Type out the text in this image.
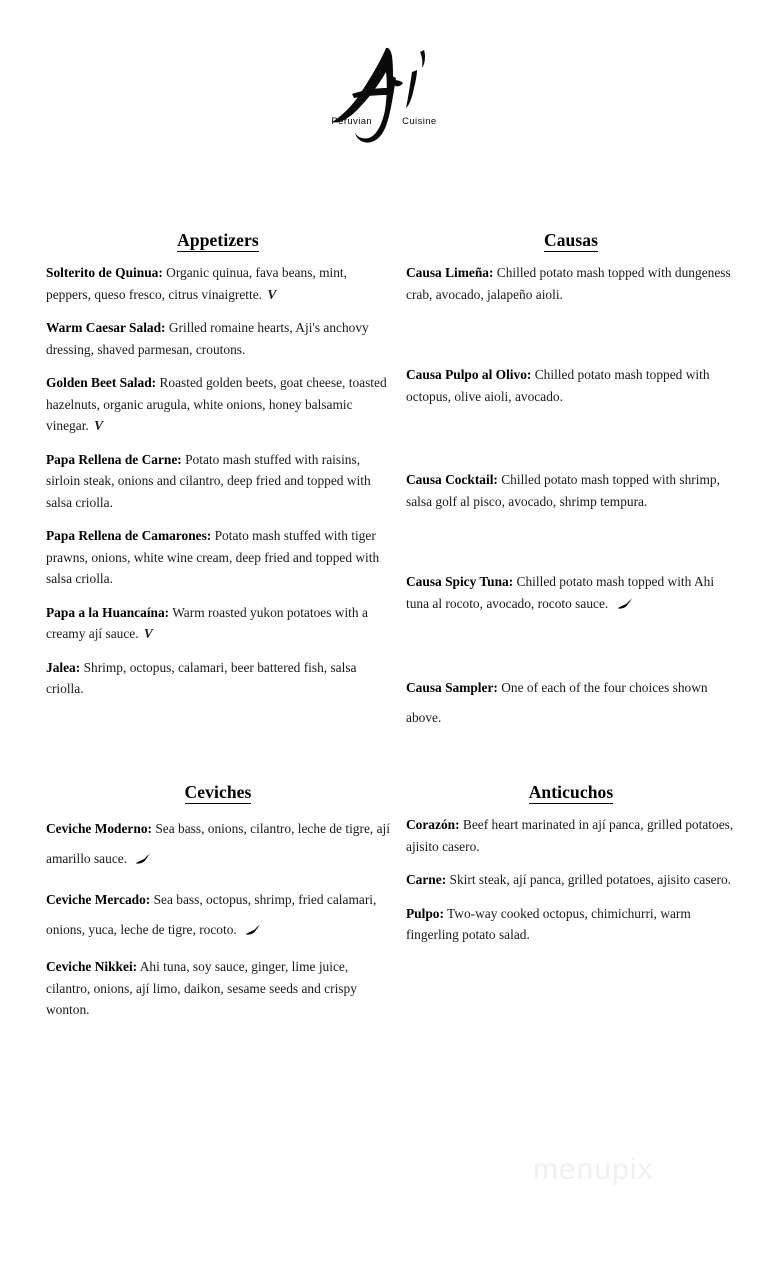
Peruvian	Cuisine
Appetizers
Solterito de Quinua: Organic quinua, fava beans, mint, peppers, queso fresco, citrus vinaigrette. V
Warm Caesar Salad: Grilled romaine hearts, Aji's anchovy dressing, shaved parmesan, croutons.
Golden Beet Salad: Roasted golden beets, goat cheese, toasted hazelnuts, organic arugula, white onions, honey balsamic vinegar. V
Papa Rellena de Carne: Potato mash stuffed with raisins, sirloin steak, onions and cilantro, deep fried and topped with salsa criolla.
Papa Rellena de Camarones: Potato mash stuffed with tiger prawns, onions, white wine cream, deep fried and topped with salsa criolla.
Papa a la Huancaína: Warm roasted yukon potatoes with a creamy ají sauce. V
Jalea: Shrimp, octopus, calamari, beer battered fish, salsa criolla.
Causas
Causa Limeña: Chilled potato mash topped with dungeness crab, avocado, jalapeño aioli.
Causa Pulpo al Olivo: Chilled potato mash topped with octopus, olive aioli, avocado.
Causa Cocktail: Chilled potato mash topped with shrimp, salsa golf al pisco, avocado, shrimp tempura.
Causa Spicy Tuna: Chilled potato mash topped with Ahi tuna al rocoto, avocado, rocoto sauce.
Causa Sampler: One of each of the four choices shown above.
Ceviches
Ceviche Moderno: Sea bass, onions, cilantro, leche de tigre, ají amarillo sauce.
Ceviche Mercado: Sea bass, octopus, shrimp, fried calamari, onions, yuca, leche de tigre, rocoto.
Ceviche Nikkei: Ahi tuna, soy sauce, ginger, lime juice, cilantro, onions, ají limo, daikon, sesame seeds and crispy wonton.
Anticuchos
Corazón: Beef heart marinated in ají panca, grilled potatoes, ajisito casero.
Carne: Skirt steak, ají panca, grilled potatoes, ajisito casero.
Pulpo: Two-way cooked octopus, chimichurri, warm fingerling potato salad.
menupix
